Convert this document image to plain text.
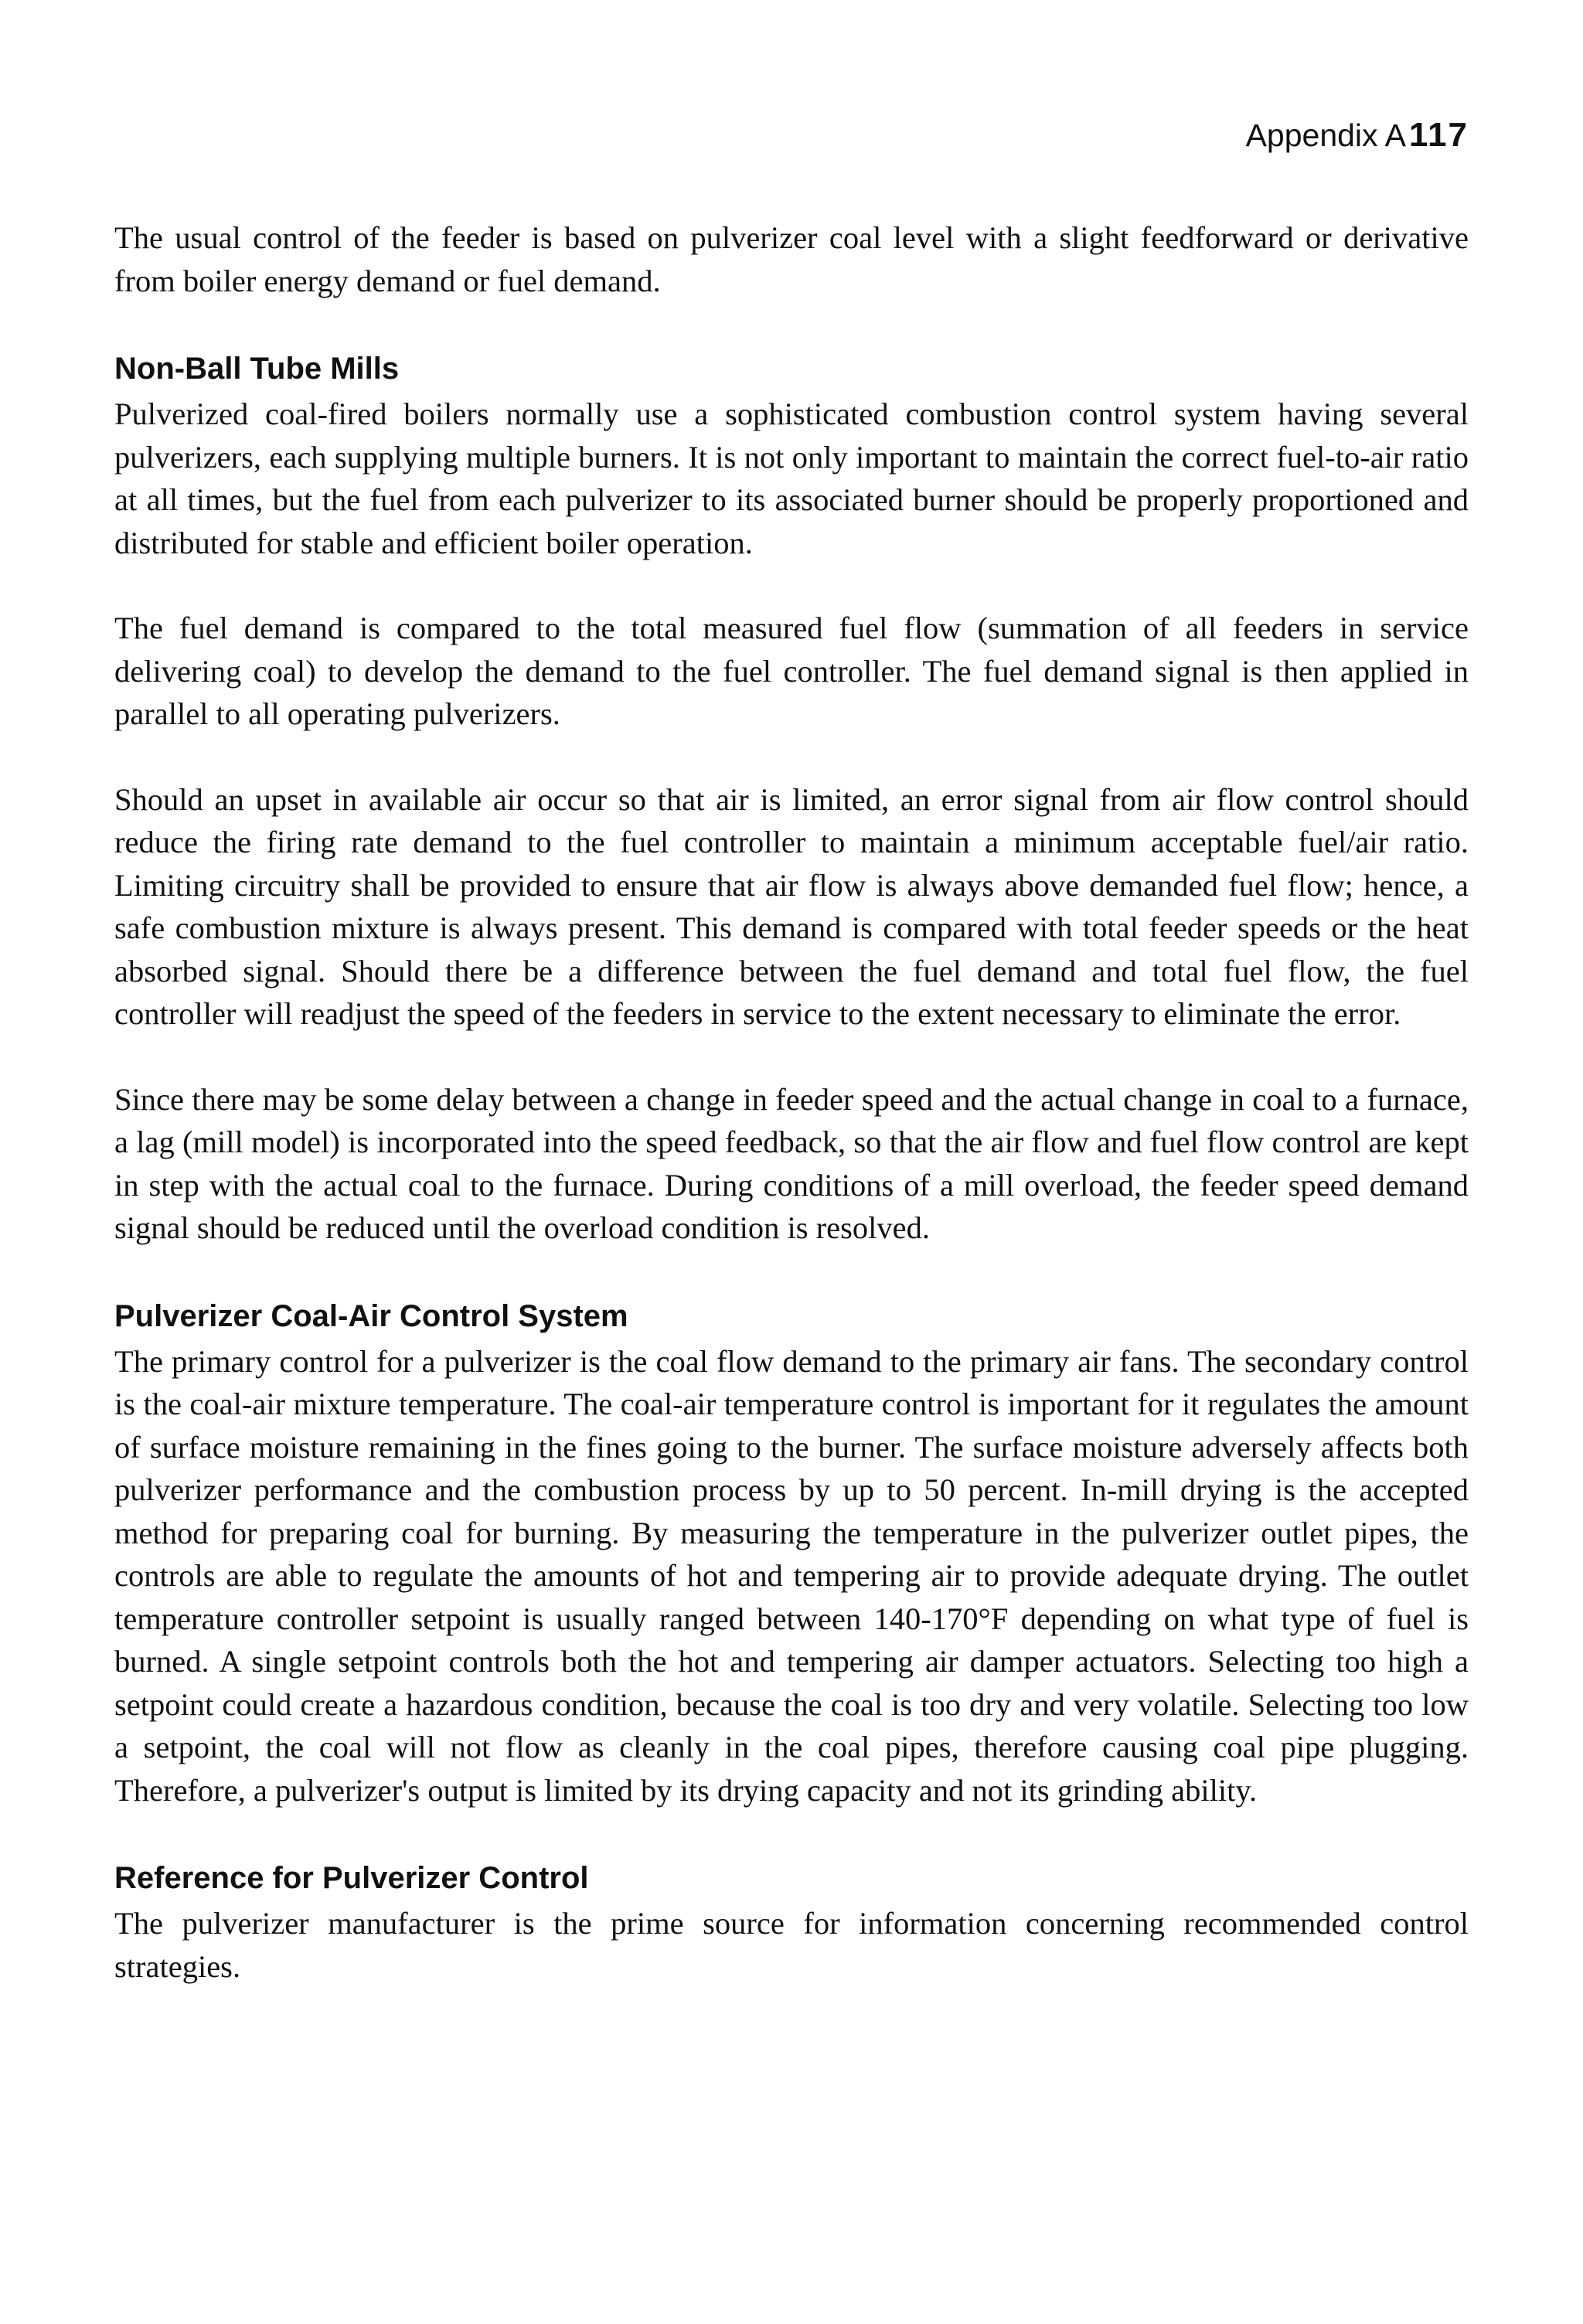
Appendix A117

The usual control of the feeder is based on pulverizer coal level with a slight feedforward or derivative from boiler energy demand or fuel demand.

Non-Ball Tube Mills

Pulverized coal-fired boilers normally use a sophisticated combustion control system having several pulverizers, each supplying multiple burners. It is not only important to maintain the correct fuel-to-air ratio at all times, but the fuel from each pulverizer to its associated burner should be properly proportioned and distributed for stable and efficient boiler operation.

The fuel demand is compared to the total measured fuel flow (summation of all feeders in service delivering coal) to develop the demand to the fuel controller. The fuel demand signal is then applied in parallel to all operating pulverizers.

Should an upset in available air occur so that air is limited, an error signal from air flow control should reduce the firing rate demand to the fuel controller to maintain a minimum acceptable fuel/air ratio. Limiting circuitry shall be provided to ensure that air flow is always above demanded fuel flow; hence, a safe combustion mixture is always present. This demand is compared with total feeder speeds or the heat absorbed signal. Should there be a difference between the fuel demand and total fuel flow, the fuel controller will readjust the speed of the feeders in service to the extent necessary to eliminate the error.

Since there may be some delay between a change in feeder speed and the actual change in coal to a furnace, a lag (mill model) is incorporated into the speed feedback, so that the air flow and fuel flow control are kept in step with the actual coal to the furnace. During conditions of a mill overload, the feeder speed demand signal should be reduced until the overload condition is resolved.

Pulverizer Coal-Air Control System

The primary control for a pulverizer is the coal flow demand to the primary air fans. The secondary control is the coal-air mixture temperature. The coal-air temperature control is important for it regulates the amount of surface moisture remaining in the fines going to the burner. The surface moisture adversely affects both pulverizer performance and the combustion process by up to 50 percent. In-mill drying is the accepted method for preparing coal for burning. By measuring the temperature in the pulverizer outlet pipes, the controls are able to regulate the amounts of hot and tempering air to provide adequate drying. The outlet temperature controller setpoint is usually ranged between 140-170°F depending on what type of fuel is burned. A single setpoint controls both the hot and tempering air damper actuators. Selecting too high a setpoint could create a hazardous condition, because the coal is too dry and very volatile. Selecting too low a setpoint, the coal will not flow as cleanly in the coal pipes, therefore causing coal pipe plugging. Therefore, a pulverizer's output is limited by its drying capacity and not its grinding ability.

Reference for Pulverizer Control

The pulverizer manufacturer is the prime source for information concerning recommended control strategies.
